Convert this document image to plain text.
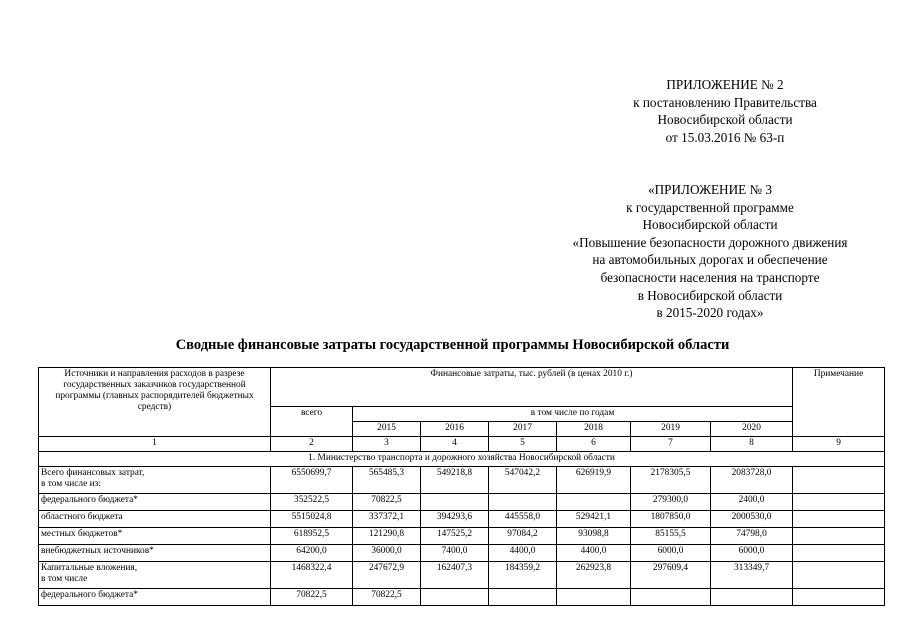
ПРИЛОЖЕНИЕ № 2
к постановлению Правительства
Новосибирской области
от 15.03.2016 № 63-п
«ПРИЛОЖЕНИЕ № 3
к государственной программе
Новосибирской области
«Повышение безопасности дорожного движения
на автомобильных дорогах и обеспечение
безопасности населения на транспорте
в Новосибирской области
в 2015-2020 годах»
Сводные финансовые затраты государственной программы Новосибирской области
Источники и направления расходов в разрезе государственных заказчиков государственной программы (главных распорядителей бюджетных средств)	Финансовые затраты, тыс. рублей (в ценах 2010 г.)							Примечание
	всего	в том числе по годам						
		2015	2016	2017	2018	2019	2020	
1	2	3	4	5	6	7	8	9
1. Министерство транспорта и дорожного хозяйства Новосибирской области								
Всего финансовых затрат,
в том числе из:	6550699,7	565485,3	549218,8	547042,2	626919,9	2178305,5	2083728,0	
федерального бюджета*	352522,5	70822,5				279300,0	2400,0	
областного бюджета	5515024,8	337372,1	394293,6	445558,0	529421,1	1807850,0	2000530,0	
местных бюджетов*	618952,5	121290,8	147525,2	97084,2	93098,8	85155,5	74798,0	
внебюджетных источников*	64200,0	36000,0	7400,0	4400,0	4400,0	6000,0	6000,0	
Капитальные вложения,
в том числе	1468322,4	247672,9	162407,3	184359,2	262923,8	297609,4	313349,7	
федерального бюджета*	70822,5	70822,5						
